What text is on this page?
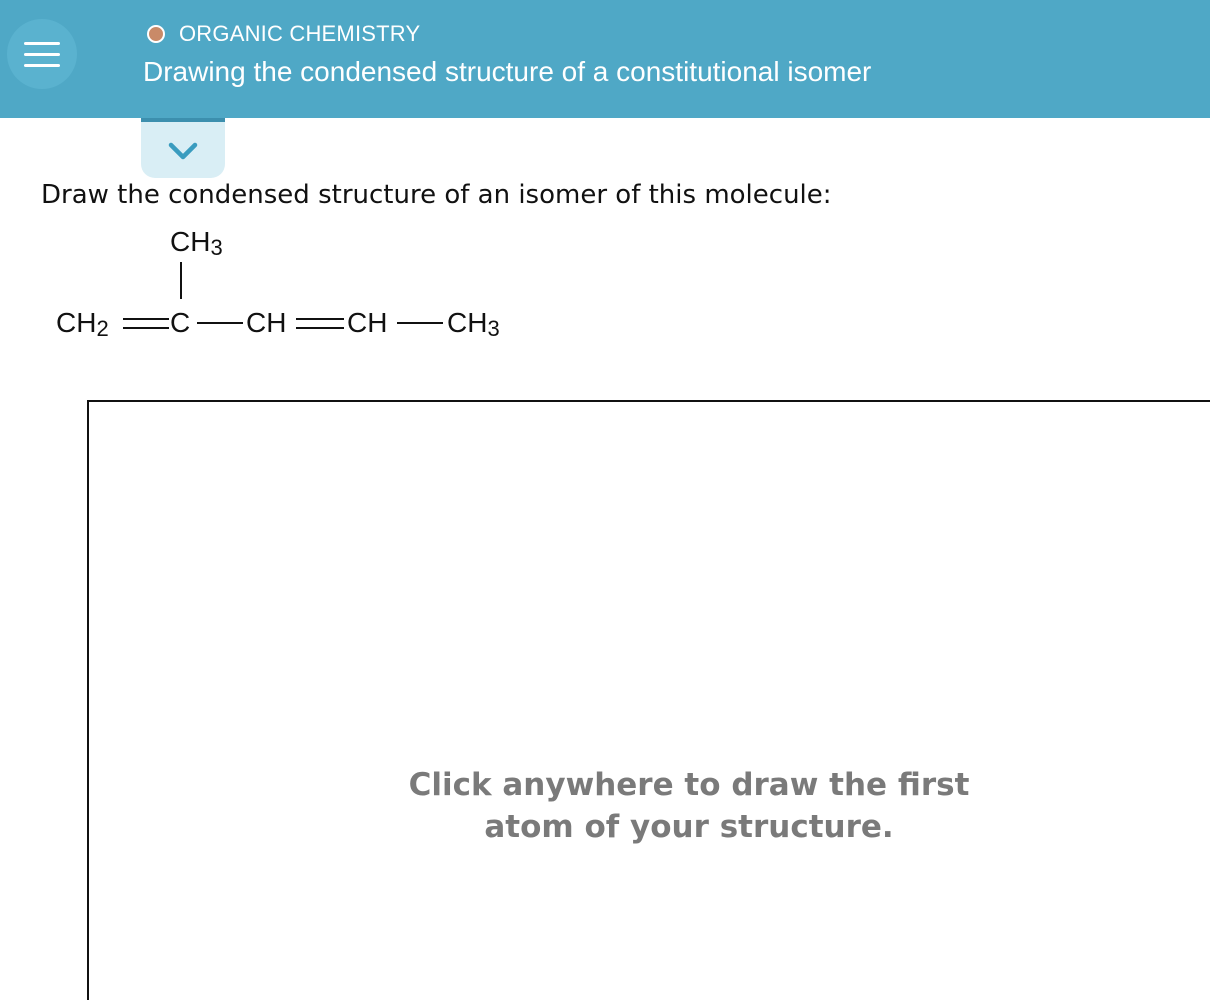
ORGANIC CHEMISTRY
Drawing the condensed structure of a constitutional isomer
Draw the condensed structure of an isomer of this molecule:
$CH_3$
$CH_2$ C CH CH $CH_3$
Click anywhere to draw the first atom of your structure.
